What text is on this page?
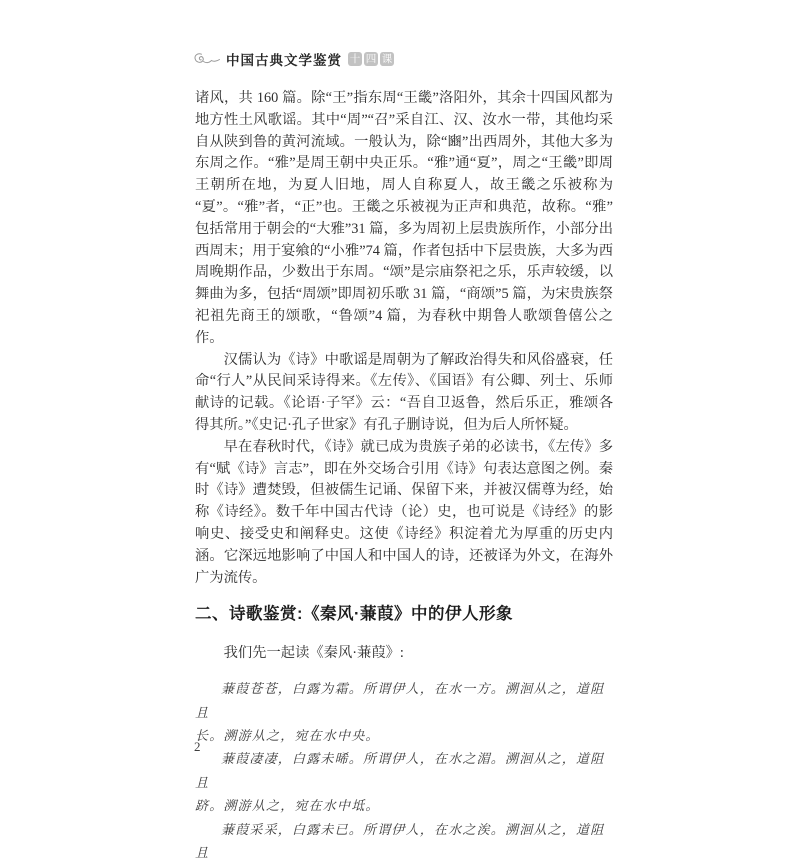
中国古典文学鉴赏 十 四 课

诸风，共 160 篇。除“王”指东周“王畿”洛阳外，其余十四国风都为地方性土风歌谣。其中“周”“召”采自江、汉、汝水一带，其他均采自从陕到鲁的黄河流域。一般认为，除“豳”出西周外，其他大多为东周之作。“雅”是周王朝中央正乐。“雅”通“夏”，周之“王畿”即周王朝所在地，为夏人旧地，周人自称夏人，故王畿之乐被称为“夏”。“雅”者，“正”也。王畿之乐被视为正声和典范，故称。“雅”包括常用于朝会的“大雅”31 篇，多为周初上层贵族所作，小部分出西周末；用于宴飨的“小雅”74 篇，作者包括中下层贵族，大多为西周晚期作品，少数出于东周。“颂”是宗庙祭祀之乐，乐声较缓，以舞曲为多，包括“周颂”即周初乐歌 31 篇，“商颂”5 篇，为宋贵族祭祀祖先商王的颂歌，“鲁颂”4 篇，为春秋中期鲁人歌颂鲁僖公之作。

汉儒认为《诗》中歌谣是周朝为了解政治得失和风俗盛衰，任命“行人”从民间采诗得来。《左传》、《国语》有公卿、列士、乐师献诗的记载。《论语·子罕》云：“吾自卫返鲁，然后乐正，雅颂各得其所。”《史记·孔子世家》有孔子删诗说，但为后人所怀疑。

早在春秋时代，《诗》就已成为贵族子弟的必读书，《左传》多有“赋《诗》言志”，即在外交场合引用《诗》句表达意图之例。秦时《诗》遭焚毁，但被儒生记诵、保留下来，并被汉儒尊为经，始称《诗经》。数千年中国古代诗（论）史，也可说是《诗经》的影响史、接受史和阐释史。这使《诗经》积淀着尤为厚重的历史内涵。它深远地影响了中国人和中国人的诗，还被译为外文，在海外广为流传。

二、诗歌鉴赏:《秦风·蒹葭》中的伊人形象

我们先一起读《秦风·蒹葭》:

蒹葭苍苍，白露为霜。所谓伊人，在水一方。溯洄从之，道阻且
长。溯游从之，宛在水中央。
蒹葭凄凄，白露未晞。所谓伊人，在水之湄。溯洄从之，道阻且
跻。溯游从之，宛在水中坻。
蒹葭采采，白露未已。所谓伊人，在水之涘。溯洄从之，道阻且
2
